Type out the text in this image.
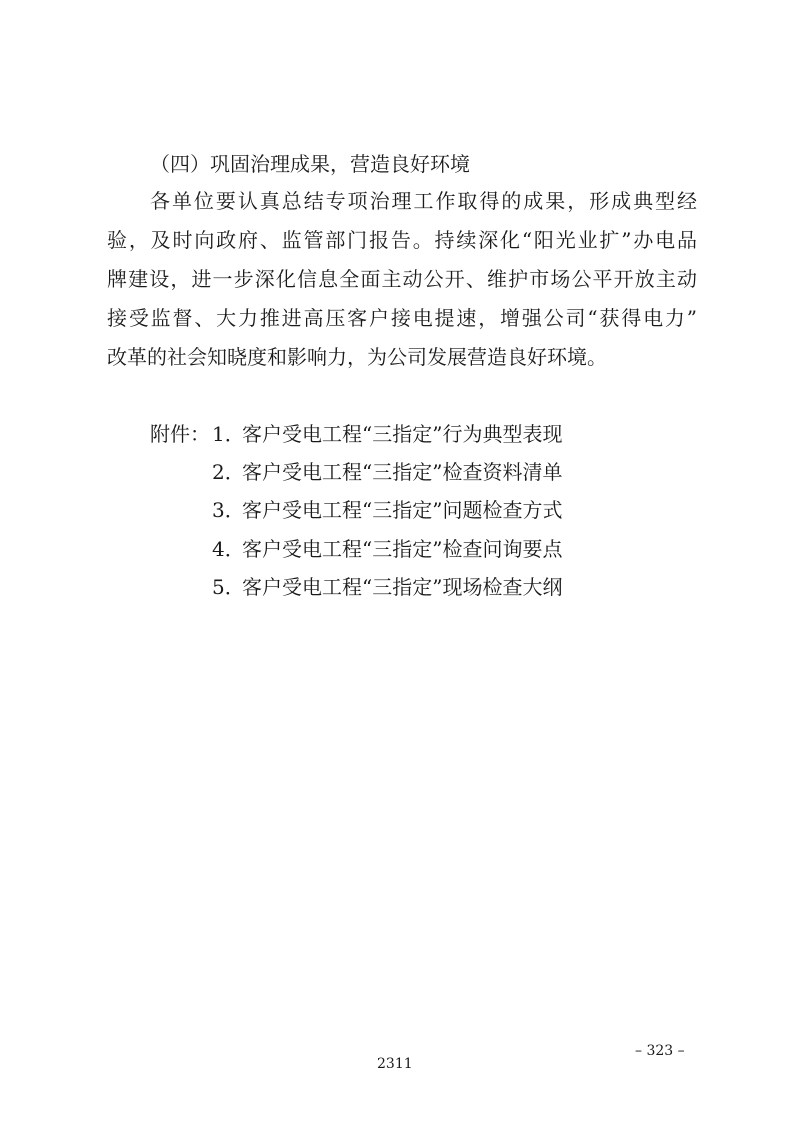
（四）巩固治理成果，营造良好环境
各单位要认真总结专项治理工作取得的成果，形成典型经
验，及时向政府、监管部门报告。持续深化“阳光业扩”办电品
牌建设，进一步深化信息全面主动公开、维护市场公平开放主动
接受监督、大力推进高压客户接电提速，增强公司“获得电力”
改革的社会知晓度和影响力，为公司发展营造良好环境。
附件： 1．客户受电工程“三指定”行为典型表现
2．客户受电工程“三指定”检查资料清单
3．客户受电工程“三指定”问题检查方式
4．客户受电工程“三指定”检查问询要点
5．客户受电工程“三指定”现场检查大纲
– 323 –
2311
